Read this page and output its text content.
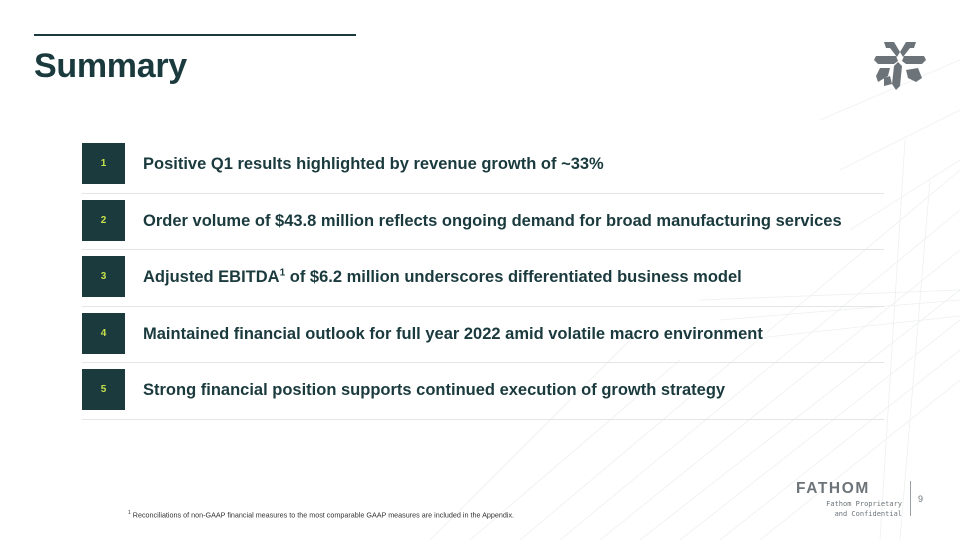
Summary
1	Positive Q1 results highlighted by revenue growth of ~33%
2	Order volume of $43.8 million reflects ongoing demand for broad manufacturing services
3	Adjusted EBITDA$^1$ of $6.2 million underscores differentiated business model
4	Maintained financial outlook for full year 2022 amid volatile macro environment
5	Strong financial position supports continued execution of growth strategy
$^1$ Reconciliations of non-GAAP financial measures to the most comparable GAAP measures are included in the Appendix.
FATHOM
Fathom Proprietary
and Confidential
9
